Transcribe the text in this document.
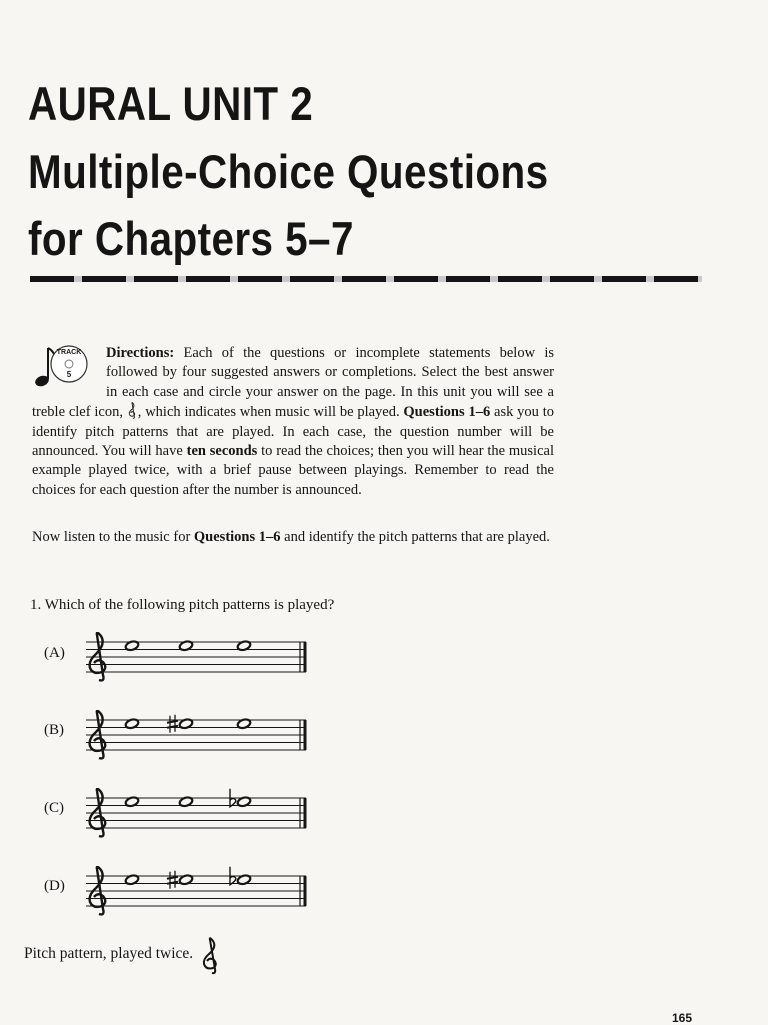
AURAL UNIT 2
Multiple-Choice Questions
for Chapters 5–7
TRACK
5

Directions: Each of the questions or incomplete statements below is followed by four suggested answers or completions. Select the best answer in each case and circle your answer on the page. In this unit you will see a treble clef icon, , which indicates when music will be played. Questions 1–6 ask you to identify pitch patterns that are played. In each case, the question number will be announced. You will have ten seconds to read the choices; then you will hear the musical example played twice, with a brief pause between playings. Remember to read the choices for each question after the number is announced.

Now listen to the music for Questions 1–6 and identify the pitch patterns that are played.

1. Which of the following pitch patterns is played?

(A)
(B)
(C)
(D)
Pitch pattern, played twice.
165
